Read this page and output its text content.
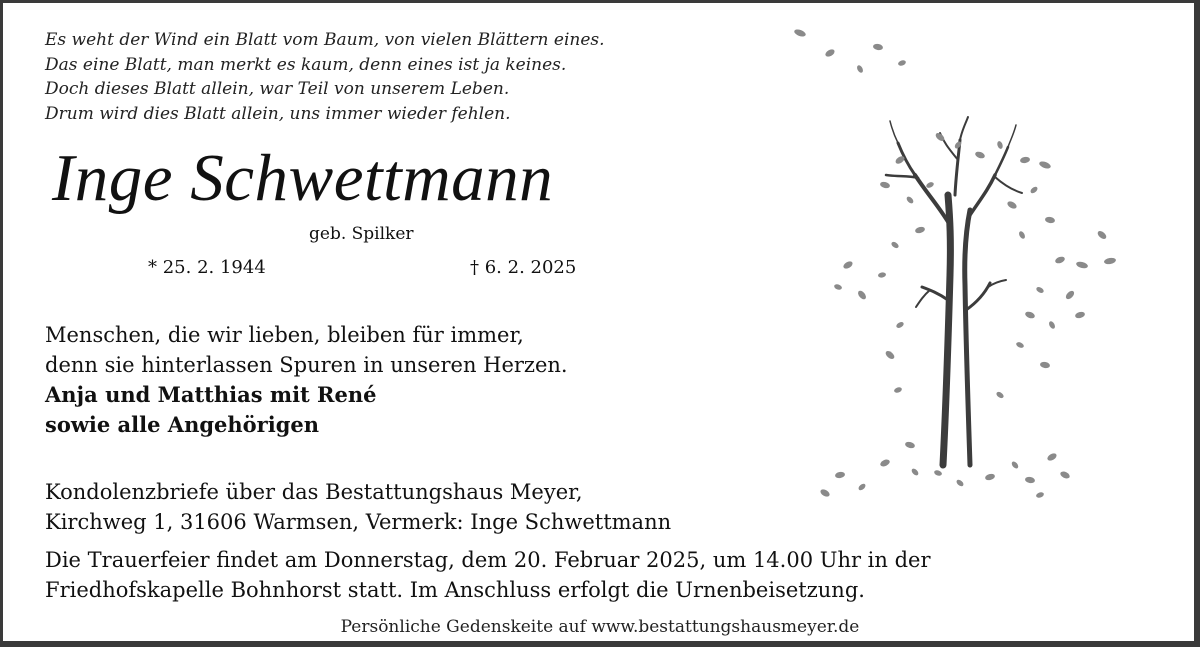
Es weht der Wind ein Blatt vom Baum, von vielen Blättern eines.
Das eine Blatt, man merkt es kaum, denn eines ist ja keines.
Doch dieses Blatt allein, war Teil von unserem Leben.
Drum wird dies Blatt allein, uns immer wieder fehlen.
Inge Schwettmann
geb. Spilker
* 25. 2. 1944	† 6. 2. 2025
Menschen, die wir lieben, bleiben für immer,
denn sie hinterlassen Spuren in unseren Herzen.
Anja und Matthias mit René
sowie alle Angehörigen
Kondolenzbriefe über das Bestattungshaus Meyer,
Kirchweg 1, 31606 Warmsen, Vermerk: Inge Schwettmann
Die Trauerfeier findet am Donnerstag, dem 20. Februar 2025, um 14.00 Uhr in der
Friedhofskapelle Bohnhorst statt. Im Anschluss erfolgt die Urnenbeisetzung.
Persönliche Gedenskeite auf www.bestattungshausmeyer.de
